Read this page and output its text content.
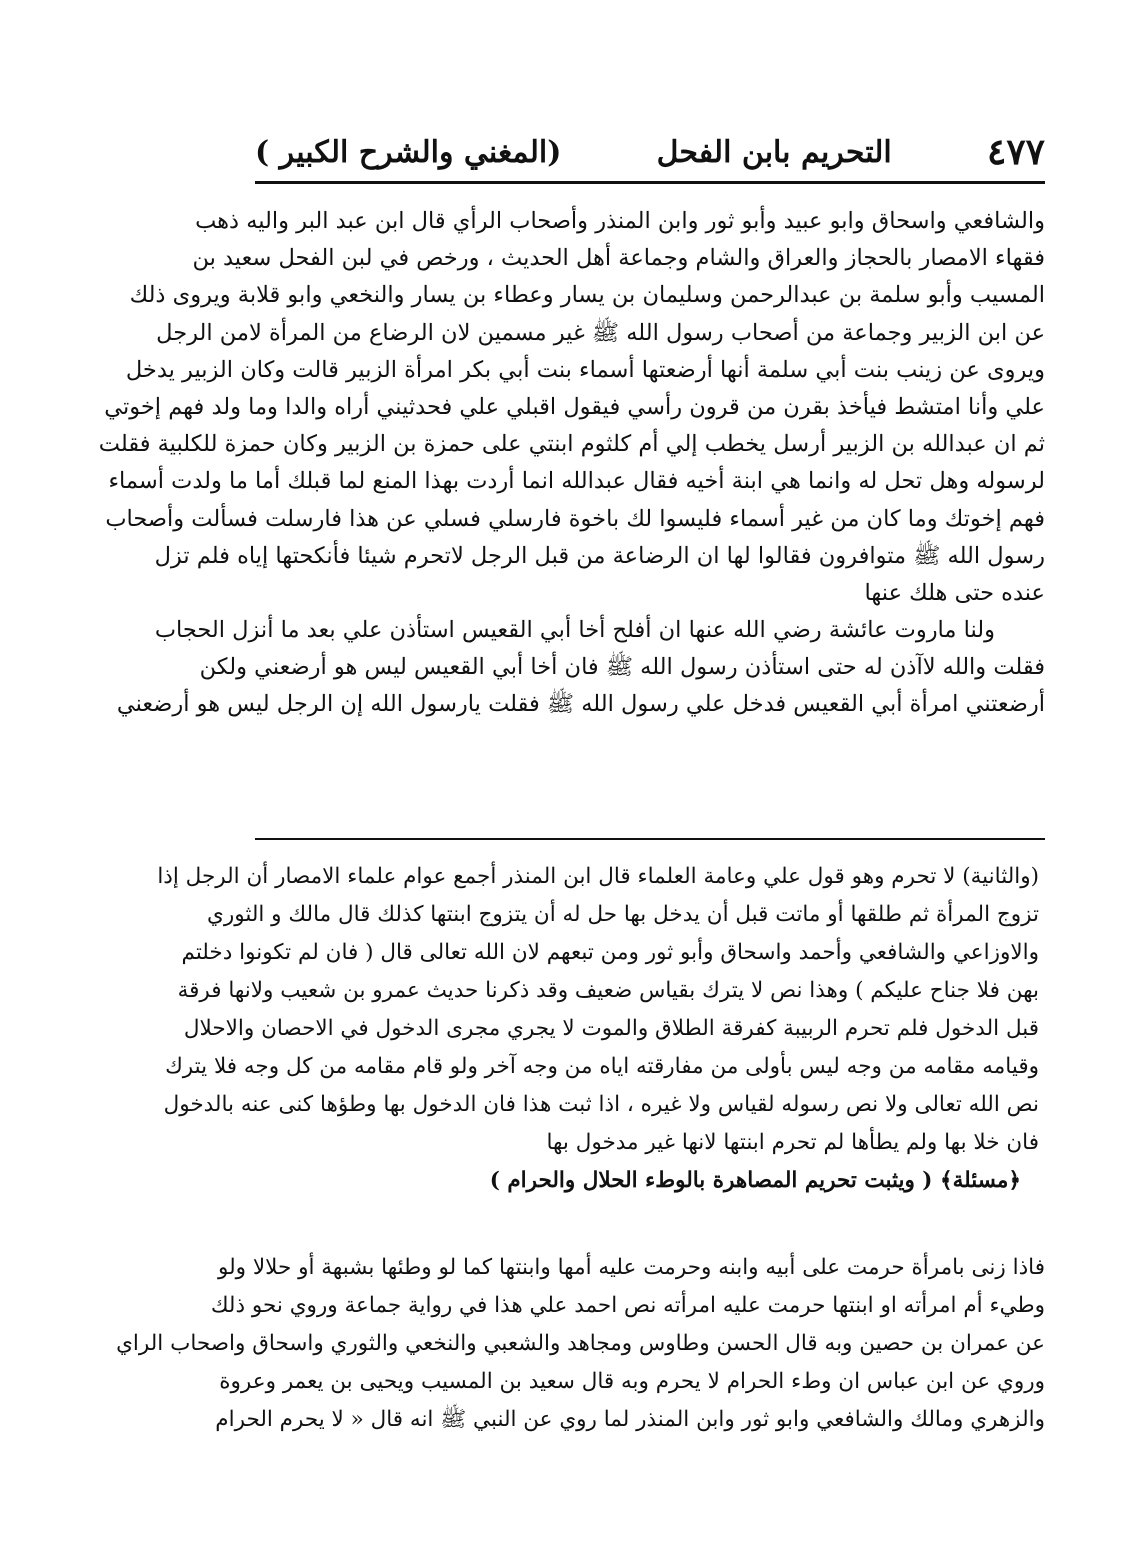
(المغني والشرح الكبير )	التحريم بابن الفحل	٤٧٧
والشافعي واسحاق وابو عبيد وأبو ثور وابن المنذر وأصحاب الرأي قال ابن عبد البر واليه ذهب
فقهاء الامصار بالحجاز والعراق والشام وجماعة أهل الحديث ، ورخص في لبن الفحل سعيد بن
المسيب وأبو سلمة بن عبدالرحمن وسليمان بن يسار وعطاء بن يسار والنخعي وابو قلابة ويروى ذلك
عن ابن الزبير وجماعة من أصحاب رسول الله ﷺ غير مسمين لان الرضاع من المرأة لامن الرجل
ويروى عن زينب بنت أبي سلمة أنها أرضعتها أسماء بنت أبي بكر امرأة الزبير قالت وكان الزبير يدخل
علي وأنا امتشط فيأخذ بقرن من قرون رأسي فيقول اقبلي علي فحدثيني أراه والدا وما ولد فهم إخوتي
ثم ان عبدالله بن الزبير أرسل يخطب إلي أم كلثوم ابنتي على حمزة بن الزبير وكان حمزة للكلبية فقلت
لرسوله وهل تحل له وانما هي ابنة أخيه فقال عبدالله انما أردت بهذا المنع لما قبلك أما ما ولدت أسماء
فهم إخوتك وما كان من غير أسماء فليسوا لك باخوة فارسلي فسلي عن هذا فارسلت فسألت وأصحاب
رسول الله ﷺ متوافرون فقالوا لها ان الرضاعة من قبل الرجل لاتحرم شيئا فأنكحتها إياه فلم تزل
عنده حتى هلك عنها
ولنا ماروت عائشة رضي الله عنها ان أفلح أخا أبي القعيس استأذن علي بعد ما أنزل الحجاب
فقلت والله لاآذن له حتى استأذن رسول الله ﷺ فان أخا أبي القعيس ليس هو أرضعني ولكن
أرضعتني امرأة أبي القعيس فدخل علي رسول الله ﷺ فقلت يارسول الله إن الرجل ليس هو أرضعني
(والثانية) لا تحرم وهو قول علي وعامة العلماء قال ابن المنذر أجمع عوام علماء الامصار أن الرجل إذا
تزوج المرأة ثم طلقها أو ماتت قبل أن يدخل بها حل له أن يتزوج ابنتها كذلك قال مالك و الثوري
والاوزاعي والشافعي وأحمد واسحاق وأبو ثور ومن تبعهم لان الله تعالى قال ( فان لم تكونوا دخلتم
بهن فلا جناح عليكم ) وهذا نص لا يترك بقياس ضعيف وقد ذكرنا حديث عمرو بن شعيب ولانها فرقة
قبل الدخول فلم تحرم الربيبة كفرقة الطلاق والموت لا يجري مجرى الدخول في الاحصان والاحلال
وقيامه مقامه من وجه ليس بأولى من مفارقته اياه من وجه آخر ولو قام مقامه من كل وجه فلا يترك
نص الله تعالى ولا نص رسوله لقياس ولا غيره ، اذا ثبت هذا فان الدخول بها وطؤها كنى عنه بالدخول
فان خلا بها ولم يطأها لم تحرم ابنتها لانها غير مدخول بها
﴿مسئلة﴾ ( ويثبت تحريم المصاهرة بالوطء الحلال والحرام )
فاذا زنى بامرأة حرمت على أبيه وابنه وحرمت عليه أمها وابنتها كما لو وطئها بشبهة أو حلالا ولو
وطيء أم امرأته او ابنتها حرمت عليه امرأته نص احمد علي هذا في رواية جماعة وروي نحو ذلك
عن عمران بن حصين وبه قال الحسن وطاوس ومجاهد والشعبي والنخعي والثوري واسحاق واصحاب الراي
وروي عن ابن عباس ان وطء الحرام لا يحرم وبه قال سعيد بن المسيب ويحيى بن يعمر وعروة
والزهري ومالك والشافعي وابو ثور وابن المنذر لما روي عن النبي ﷺ انه قال « لا يحرم الحرام
